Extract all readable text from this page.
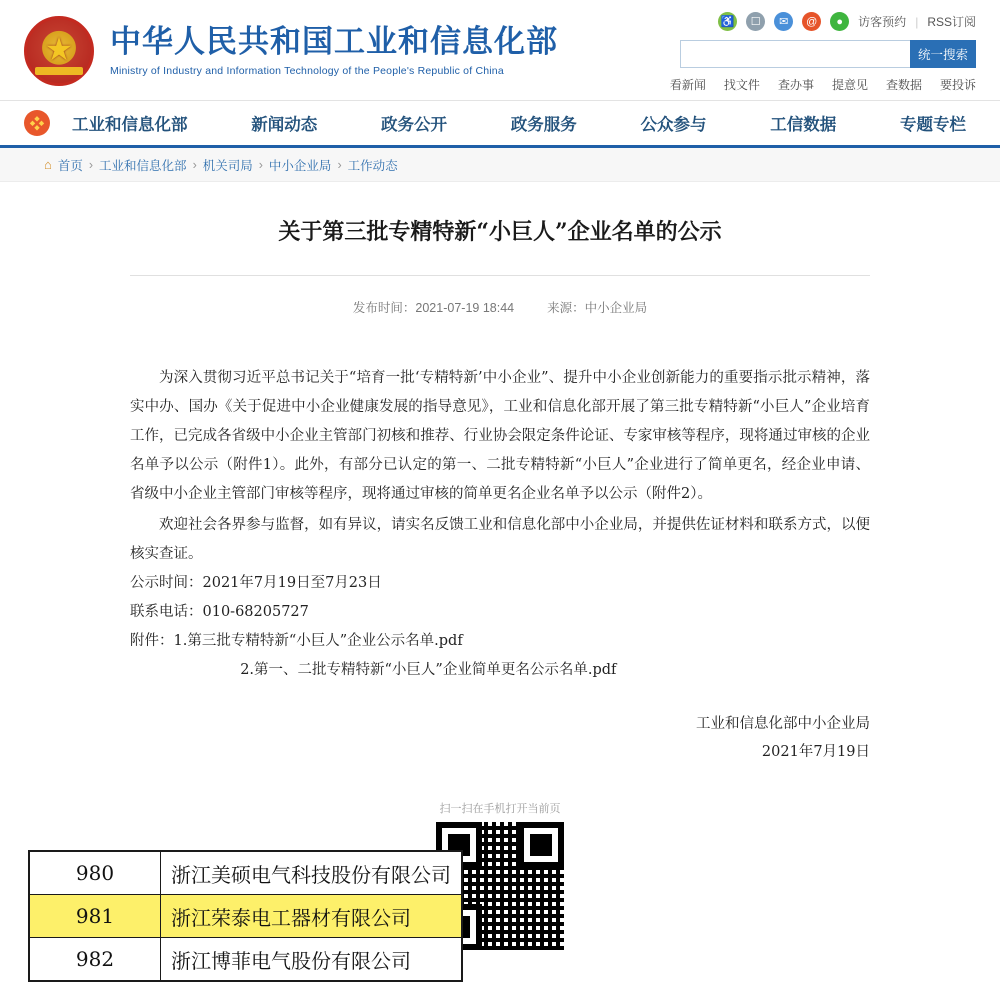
★
中华人民共和国工业和信息化部
Ministry of Industry and Information Technology of the People's Republic of China
♿	☐	✉	@	●	访客预约 | RSS订阅
统一搜索
看新闻 找文件 查办事 提意见 查数据 要投诉
❖	工业和信息化部	新闻动态	政务公开	政务服务	公众参与	工信数据	专题专栏
⌂ 首页 › 工业和信息化部 › 机关司局 › 中小企业局 › 工作动态
关于第三批专精特新“小巨人”企业名单的公示
发布时间：2021-07-19 18:44	来源：中小企业局

为深入贯彻习近平总书记关于“培育一批‘专精特新’中小企业”、提升中小企业创新能力的重要指示批示精神，落实中办、国办《关于促进中小企业健康发展的指导意见》，工业和信息化部开展了第三批专精特新“小巨人”企业培育工作，已完成各省级中小企业主管部门初核和推荐、行业协会限定条件论证、专家审核等程序，现将通过审核的企业名单予以公示（附件1）。此外，有部分已认定的第一、二批专精特新“小巨人”企业进行了简单更名，经企业申请、省级中小企业主管部门审核等程序，现将通过审核的简单更名企业名单予以公示（附件2）。

欢迎社会各界参与监督，如有异议，请实名反馈工业和信息化部中小企业局，并提供佐证材料和联系方式，以便核实查证。

公示时间：2021年7月19日至7月23日
联系电话：010-68205727
附件：1.第三批专精特新“小巨人”企业公示名单.pdf
2.第一、二批专精特新“小巨人”企业简单更名公示名单.pdf
工业和信息化部中小企业局
2021年7月19日
扫一扫在手机打开当前页
980	浙江美硕电气科技股份有限公司
981	浙江荣泰电工器材有限公司
982	浙江博菲电气股份有限公司
